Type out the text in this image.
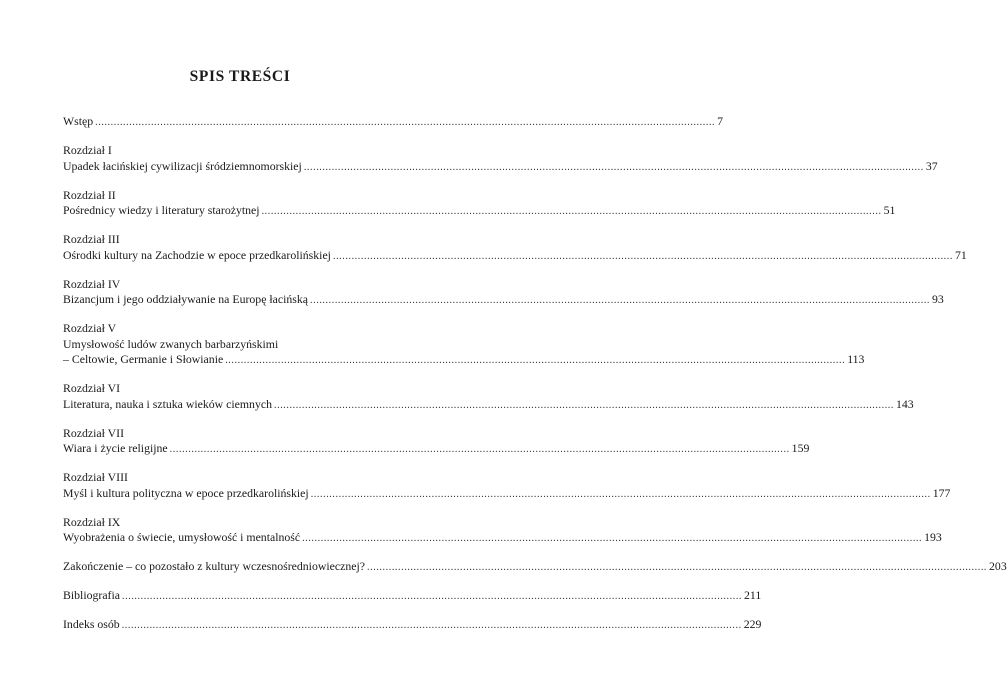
SPIS TREŚCI
Wstęp ........................................................................................................................................................................................................ 7
Rozdział I
Upadek łacińskiej cywilizacji śródziemnomorskiej ........................................................................................................................................................................................................ 37
Rozdział II
Pośrednicy wiedzy i literatury starożytnej ........................................................................................................................................................................................................ 51
Rozdział III
Ośrodki kultury na Zachodzie w epoce przedkarolińskiej ........................................................................................................................................................................................................ 71
Rozdział IV
Bizancjum i jego oddziaływanie na Europę łacińską ........................................................................................................................................................................................................ 93
Rozdział V
Umysłowość ludów zwanych barbarzyńskimi
– Celtowie, Germanie i Słowianie ........................................................................................................................................................................................................ 113
Rozdział VI
Literatura, nauka i sztuka wieków ciemnych ........................................................................................................................................................................................................ 143
Rozdział VII
Wiara i życie religijne ........................................................................................................................................................................................................ 159
Rozdział VIII
Myśl i kultura polityczna w epoce przedkarolińskiej ........................................................................................................................................................................................................ 177
Rozdział IX
Wyobrażenia o świecie, umysłowość i mentalność ........................................................................................................................................................................................................ 193
Zakończenie – co pozostało z kultury wczesnośredniowiecznej? ........................................................................................................................................................................................................ 203
Bibliografia ........................................................................................................................................................................................................ 211
Indeks osób ........................................................................................................................................................................................................ 229
